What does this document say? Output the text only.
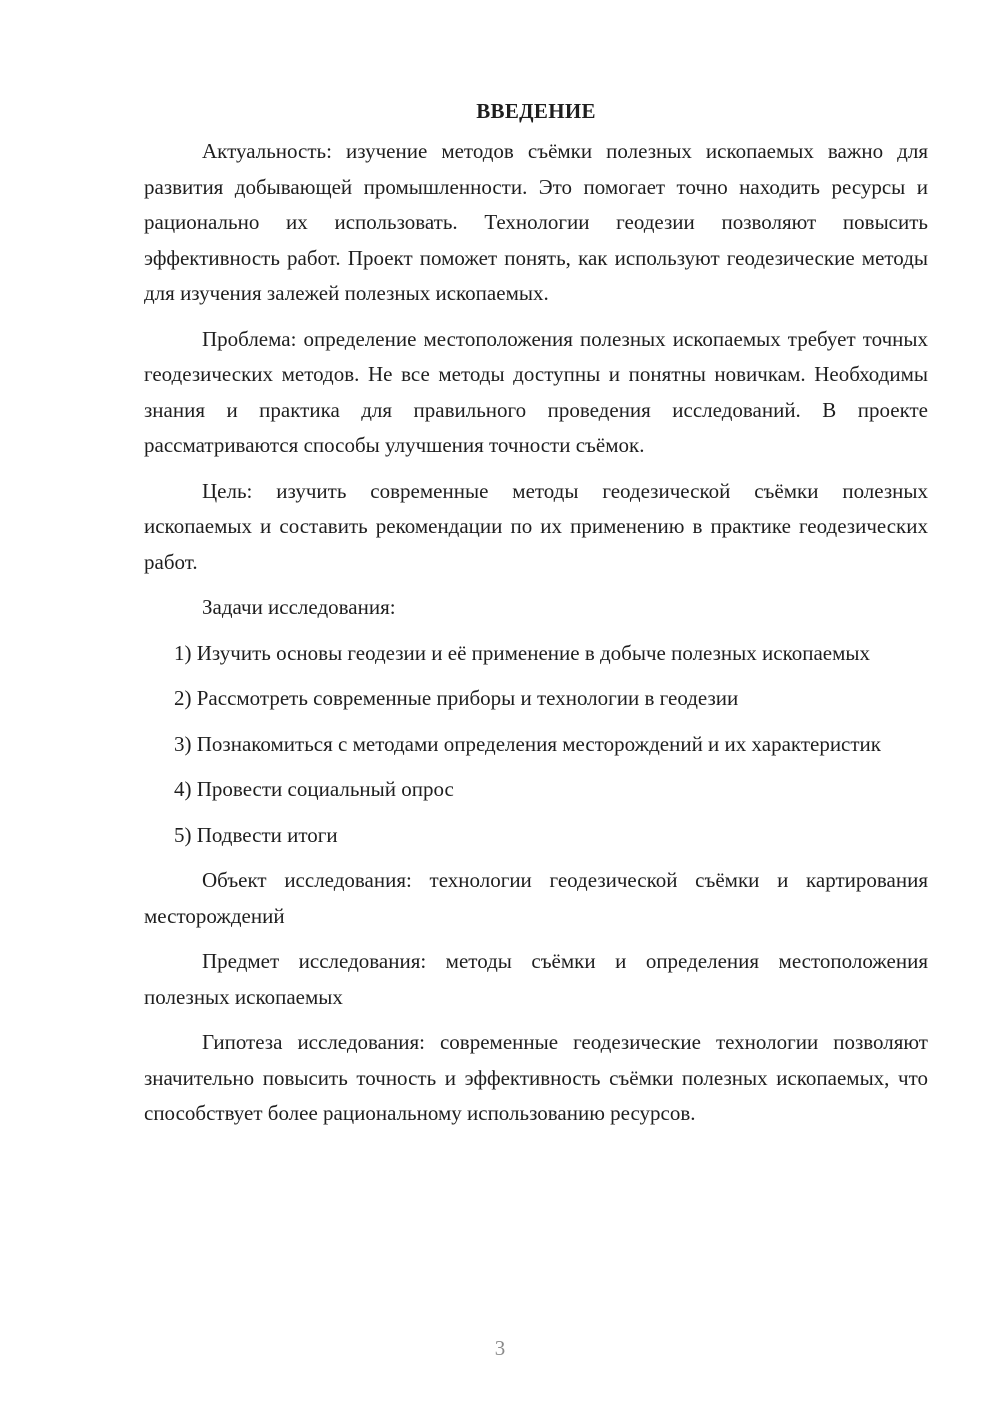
ВВЕДЕНИЕ

Актуальность: изучение методов съёмки полезных ископаемых важно для развития добывающей промышленности. Это помогает точно находить ресурсы и рационально их использовать. Технологии геодезии позволяют повысить эффективность работ. Проект поможет понять, как используют геодезические методы для изучения залежей полезных ископаемых.

Проблема: определение местоположения полезных ископаемых требует точных геодезических методов. Не все методы доступны и понятны новичкам. Необходимы знания и практика для правильного проведения исследований. В проекте рассматриваются способы улучшения точности съёмок.

Цель: изучить современные методы геодезической съёмки полезных ископаемых и составить рекомендации по их применению в практике геодезических работ.

Задачи исследования:

1) Изучить основы геодезии и её применение в добыче полезных ископаемых

2) Рассмотреть современные приборы и технологии в геодезии

3) Познакомиться с методами определения месторождений и их характеристик

4) Провести социальный опрос

5) Подвести итоги

Объект исследования: технологии геодезической съёмки и картирования месторождений

Предмет исследования: методы съёмки и определения местоположения полезных ископаемых

Гипотеза исследования: современные геодезические технологии позволяют значительно повысить точность и эффективность съёмки полезных ископаемых, что способствует более рациональному использованию ресурсов.

3
